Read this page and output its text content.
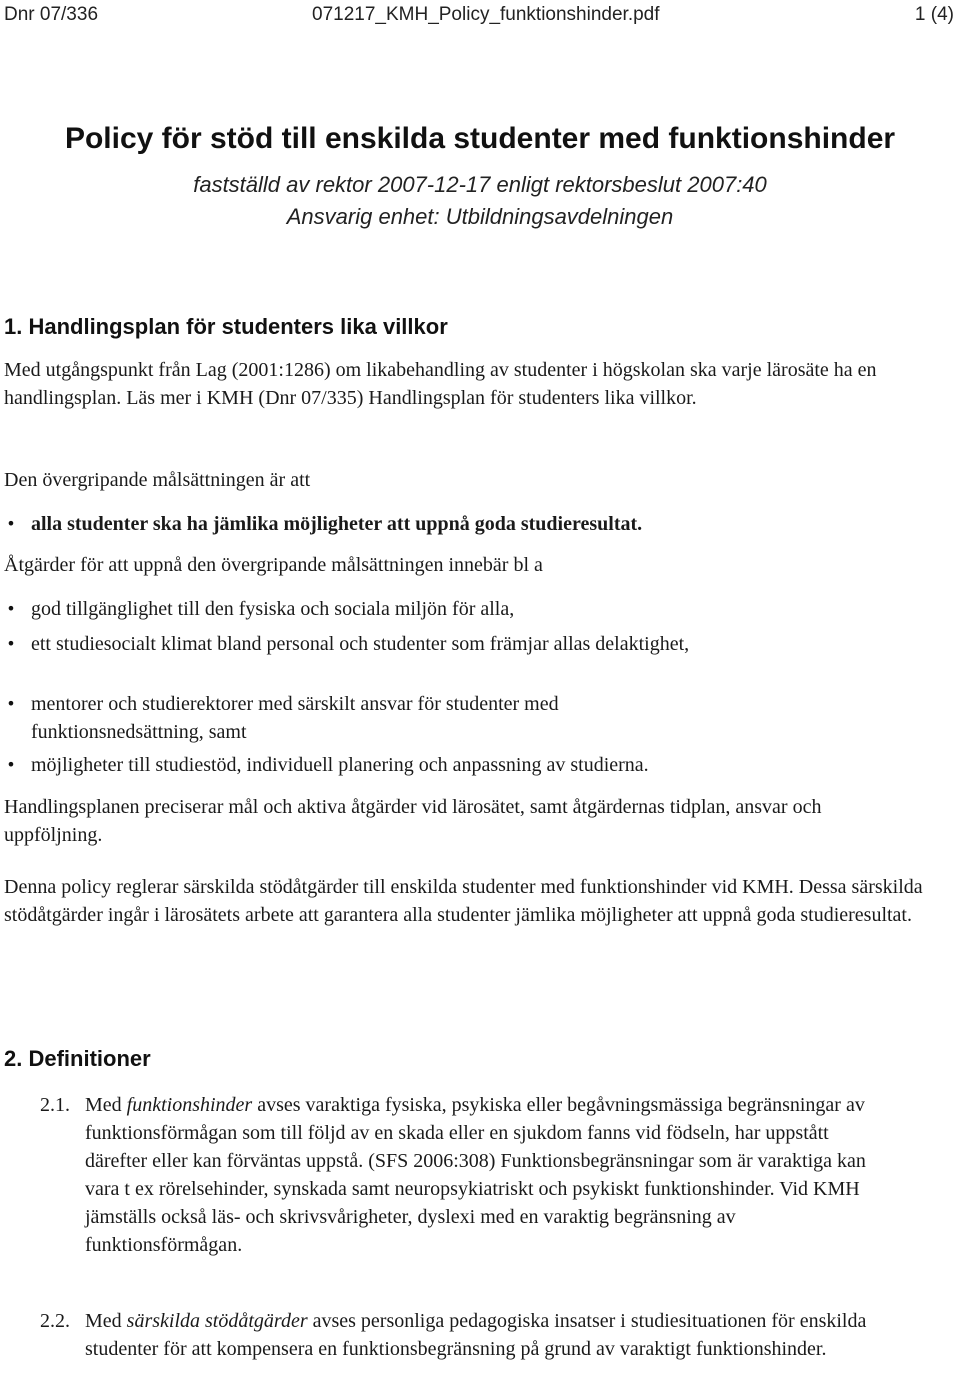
Dnr 07/336	071217_KMH_Policy_funktionshinder.pdf	1 (4)
Policy för stöd till enskilda studenter med funktionshinder
fastställd av rektor 2007-12-17 enligt rektorsbeslut 2007:40
Ansvarig enhet: Utbildningsavdelningen
1. Handlingsplan för studenters lika villkor
Med utgångspunkt från Lag (2001:1286) om likabehandling av studenter i högskolan ska varje lärosäte ha en handlingsplan. Läs mer i KMH (Dnr 07/335) Handlingsplan för studenters lika villkor.
Den övergripande målsättningen är att
• alla studenter ska ha jämlika möjligheter att uppnå goda studieresultat.
Åtgärder för att uppnå den övergripande målsättningen innebär bl a
• god tillgänglighet till den fysiska och sociala miljön för alla,
• ett studiesocialt klimat bland personal och studenter som främjar allas delaktighet,
• mentorer och studierektorer med särskilt ansvar för studenter med funktionsnedsättning, samt
• möjligheter till studiestöd, individuell planering och anpassning av studierna.
Handlingsplanen preciserar mål och aktiva åtgärder vid lärosätet, samt åtgärdernas tidplan, ansvar och uppföljning.
Denna policy reglerar särskilda stödåtgärder till enskilda studenter med funktionshinder vid KMH. Dessa särskilda stödåtgärder ingår i lärosätets arbete att garantera alla studenter jämlika möjligheter att uppnå goda studieresultat.
2. Definitioner
2.1. Med funktionshinder avses varaktiga fysiska, psykiska eller begåvningsmässiga begränsningar av funktionsförmågan som till följd av en skada eller en sjukdom fanns vid födseln, har uppstått därefter eller kan förväntas uppstå. (SFS 2006:308) Funktionsbegränsningar som är varaktiga kan vara t ex rörelsehinder, synskada samt neuropsykiatriskt och psykiskt funktionshinder. Vid KMH jämställs också läs- och skrivsvårigheter, dyslexi med en varaktig begränsning av funktionsförmågan.
2.2. Med särskilda stödåtgärder avses personliga pedagogiska insatser i studiesituationen för enskilda studenter för att kompensera en funktionsbegränsning på grund av varaktigt funktionshinder.
